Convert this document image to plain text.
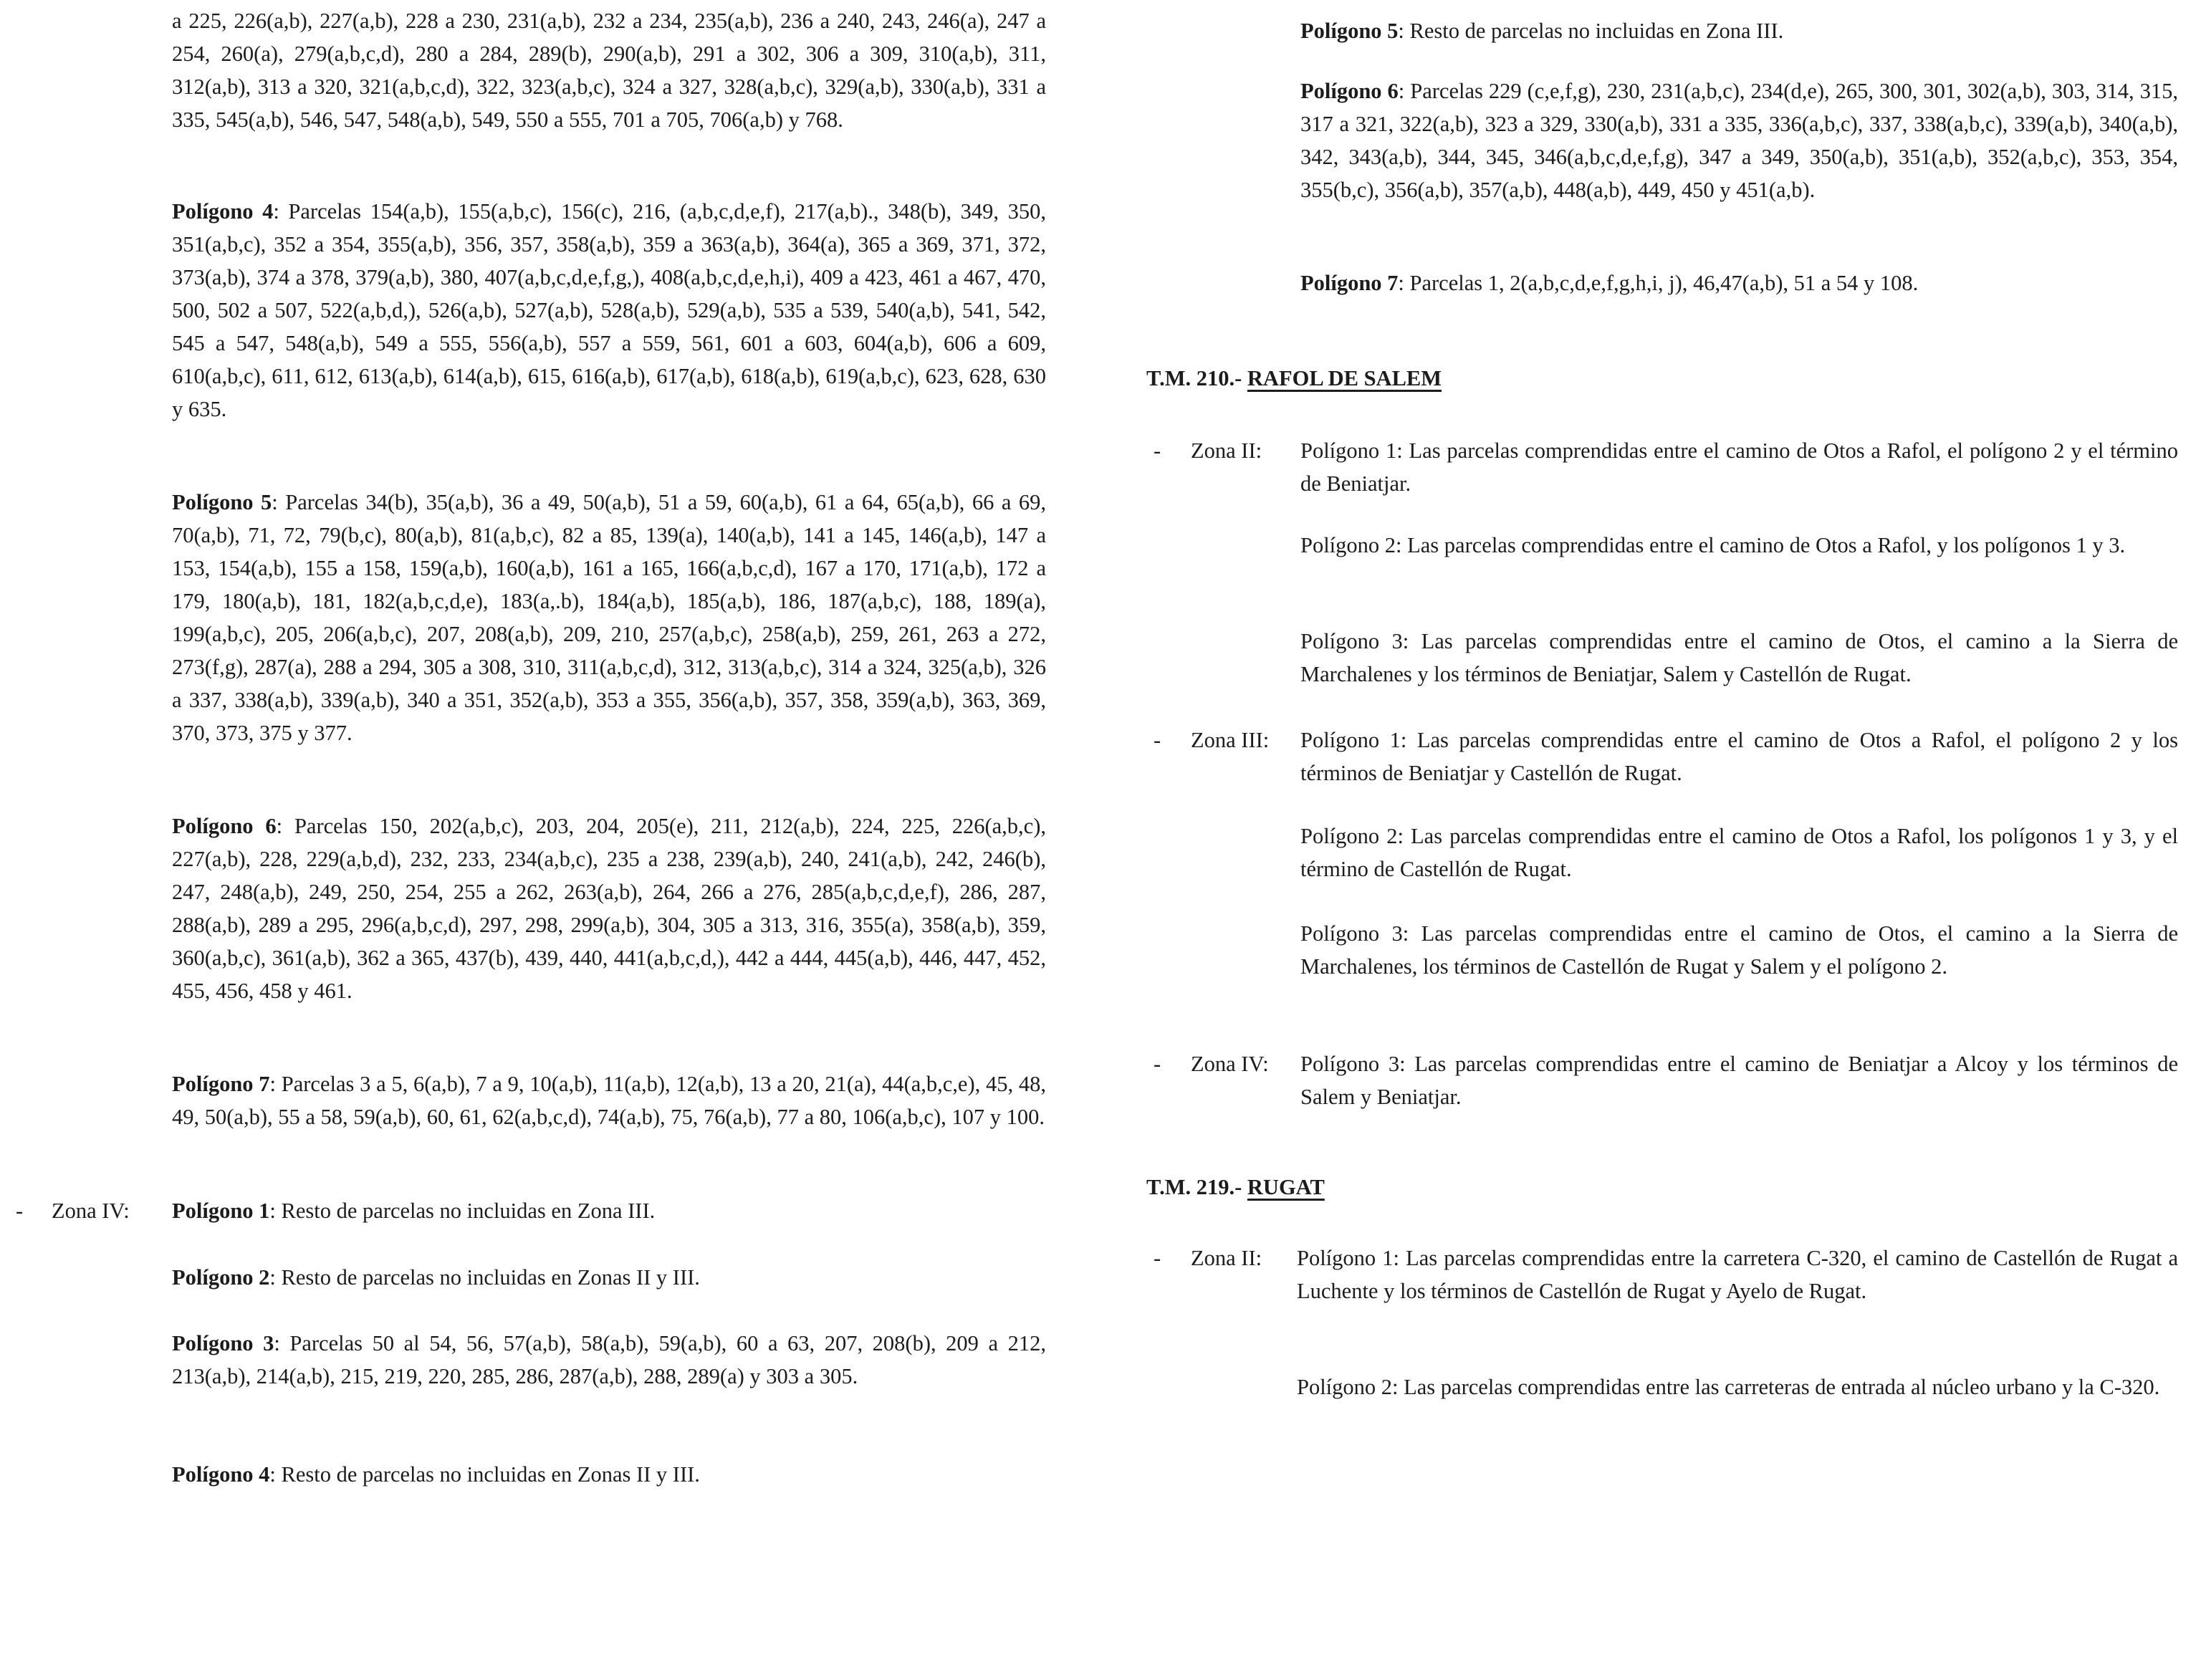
a 225, 226(a,b), 227(a,b), 228 a 230, 231(a,b), 232 a 234, 235(a,b), 236 a 240, 243, 246(a), 247 a 254, 260(a), 279(a,b,c,d), 280 a 284, 289(b), 290(a,b), 291 a 302, 306 a 309, 310(a,b), 311, 312(a,b), 313 a 320, 321(a,b,c,d), 322, 323(a,b,c), 324 a 327, 328(a,b,c), 329(a,b), 330(a,b), 331 a 335, 545(a,b), 546, 547, 548(a,b), 549, 550 a 555, 701 a 705, 706(a,b) y 768.

Polígono 4: Parcelas 154(a,b), 155(a,b,c), 156(c), 216, (a,b,c,d,e,f), 217(a,b)., 348(b), 349, 350, 351(a,b,c), 352 a 354, 355(a,b), 356, 357, 358(a,b), 359 a 363(a,b), 364(a), 365 a 369, 371, 372, 373(a,b), 374 a 378, 379(a,b), 380, 407(a,b,c,d,e,f,g,), 408(a,b,c,d,e,h,i), 409 a 423, 461 a 467, 470, 500, 502 a 507, 522(a,b,d,), 526(a,b), 527(a,b), 528(a,b), 529(a,b), 535 a 539, 540(a,b), 541, 542, 545 a 547, 548(a,b), 549 a 555, 556(a,b), 557 a 559, 561, 601 a 603, 604(a,b), 606 a 609, 610(a,b,c), 611, 612, 613(a,b), 614(a,b), 615, 616(a,b), 617(a,b), 618(a,b), 619(a,b,c), 623, 628, 630 y 635.

Polígono 5: Parcelas 34(b), 35(a,b), 36 a 49, 50(a,b), 51 a 59, 60(a,b), 61 a 64, 65(a,b), 66 a 69, 70(a,b), 71, 72, 79(b,c), 80(a,b), 81(a,b,c), 82 a 85, 139(a), 140(a,b), 141 a 145, 146(a,b), 147 a 153, 154(a,b), 155 a 158, 159(a,b), 160(a,b), 161 a 165, 166(a,b,c,d), 167 a 170, 171(a,b), 172 a 179, 180(a,b), 181, 182(a,b,c,d,e), 183(a,.b), 184(a,b), 185(a,b), 186, 187(a,b,c), 188, 189(a), 199(a,b,c), 205, 206(a,b,c), 207, 208(a,b), 209, 210, 257(a,b,c), 258(a,b), 259, 261, 263 a 272, 273(f,g), 287(a), 288 a 294, 305 a 308, 310, 311(a,b,c,d), 312, 313(a,b,c), 314 a 324, 325(a,b), 326 a 337, 338(a,b), 339(a,b), 340 a 351, 352(a,b), 353 a 355, 356(a,b), 357, 358, 359(a,b), 363, 369, 370, 373, 375 y 377.

Polígono 6: Parcelas 150, 202(a,b,c), 203, 204, 205(e), 211, 212(a,b), 224, 225, 226(a,b,c), 227(a,b), 228, 229(a,b,d), 232, 233, 234(a,b,c), 235 a 238, 239(a,b), 240, 241(a,b), 242, 246(b), 247, 248(a,b), 249, 250, 254, 255 a 262, 263(a,b), 264, 266 a 276, 285(a,b,c,d,e,f), 286, 287, 288(a,b), 289 a 295, 296(a,b,c,d), 297, 298, 299(a,b), 304, 305 a 313, 316, 355(a), 358(a,b), 359, 360(a,b,c), 361(a,b), 362 a 365, 437(b), 439, 440, 441(a,b,c,d,), 442 a 444, 445(a,b), 446, 447, 452, 455, 456, 458 y 461.

Polígono 7: Parcelas 3 a 5, 6(a,b), 7 a 9, 10(a,b), 11(a,b), 12(a,b), 13 a 20, 21(a), 44(a,b,c,e), 45, 48, 49, 50(a,b), 55 a 58, 59(a,b), 60, 61, 62(a,b,c,d), 74(a,b), 75, 76(a,b), 77 a 80, 106(a,b,c), 107 y 100.

- Zona IV: Polígono 1: Resto de parcelas no incluidas en Zona III.

Polígono 2: Resto de parcelas no incluidas en Zonas II y III.

Polígono 3: Parcelas 50 al 54, 56, 57(a,b), 58(a,b), 59(a,b), 60 a 63, 207, 208(b), 209 a 212, 213(a,b), 214(a,b), 215, 219, 220, 285, 286, 287(a,b), 288, 289(a) y 303 a 305.

Polígono 4: Resto de parcelas no incluidas en Zonas II y III.

Polígono 5: Resto de parcelas no incluidas en Zona III.

Polígono 6: Parcelas 229 (c,e,f,g), 230, 231(a,b,c), 234(d,e), 265, 300, 301, 302(a,b), 303, 314, 315, 317 a 321, 322(a,b), 323 a 329, 330(a,b), 331 a 335, 336(a,b,c), 337, 338(a,b,c), 339(a,b), 340(a,b), 342, 343(a,b), 344, 345, 346(a,b,c,d,e,f,g), 347 a 349, 350(a,b), 351(a,b), 352(a,b,c), 353, 354, 355(b,c), 356(a,b), 357(a,b), 448(a,b), 449, 450 y 451(a,b).

Polígono 7: Parcelas 1, 2(a,b,c,d,e,f,g,h,i, j), 46,47(a,b), 51 a 54 y 108.

T.M. 210.- RAFOL DE SALEM
- Zona II: Polígono 1: Las parcelas comprendidas entre el camino de Otos a Rafol, el polígono 2 y el término de Beniatjar.

Polígono 2: Las parcelas comprendidas entre el camino de Otos a Rafol, y los polígonos 1 y 3.

Polígono 3: Las parcelas comprendidas entre el camino de Otos, el camino a la Sierra de Marchalenes y los términos de Beniatjar, Salem y Castellón de Rugat.

- Zona III: Polígono 1: Las parcelas comprendidas entre el camino de Otos a Rafol, el polígono 2 y los términos de Beniatjar y Castellón de Rugat.

Polígono 2: Las parcelas comprendidas entre el camino de Otos a Rafol, los polígonos 1 y 3, y el término de Castellón de Rugat.

Polígono 3: Las parcelas comprendidas entre el camino de Otos, el camino a la Sierra de Marchalenes, los términos de Castellón de Rugat y Salem y el polígono 2.

- Zona IV: Polígono 3: Las parcelas comprendidas entre el camino de Beniatjar a Alcoy y los términos de Salem y Beniatjar.

T.M. 219.- RUGAT
- Zona II: Polígono 1: Las parcelas comprendidas entre la carretera C-320, el camino de Castellón de Rugat a Luchente y los términos de Castellón de Rugat y Ayelo de Rugat.

Polígono 2: Las parcelas comprendidas entre las carreteras de entrada al núcleo urbano y la C-320.
